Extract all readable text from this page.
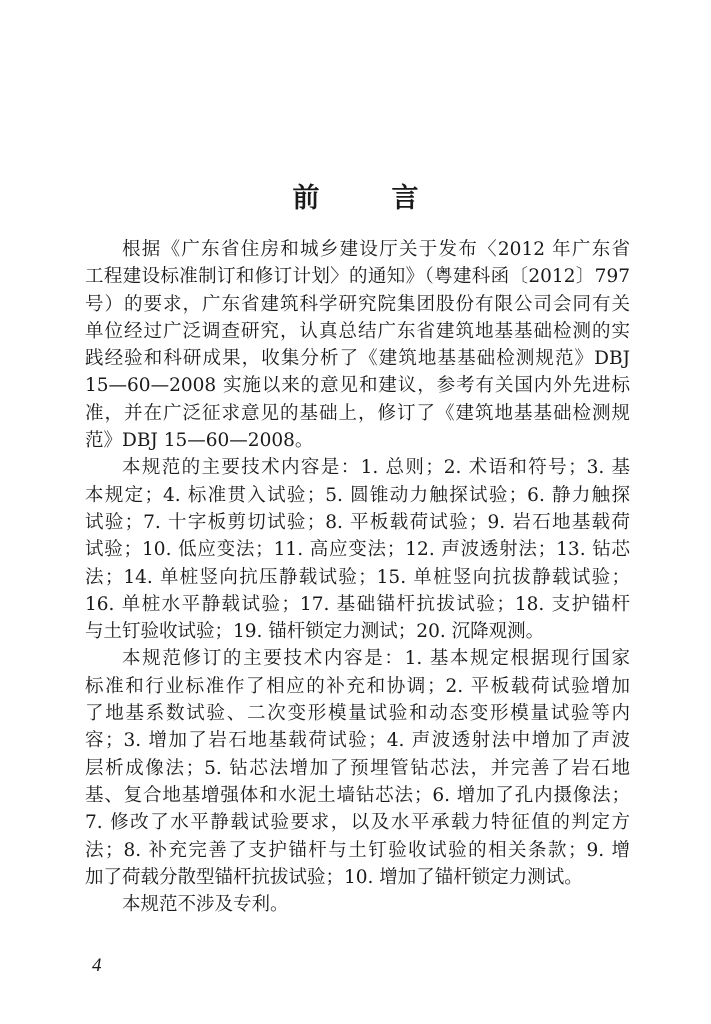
前	言
根据《广东省住房和城乡建设厅关于发布〈2012 年广东省
工程建设标准制订和修订计划〉的通知》（粤建科函〔2012〕797
号）的要求，广东省建筑科学研究院集团股份有限公司会同有关
单位经过广泛调查研究，认真总结广东省建筑地基基础检测的实
践经验和科研成果，收集分析了《建筑地基基础检测规范》DBJ
15—60—2008 实施以来的意见和建议，参考有关国内外先进标
准，并在广泛征求意见的基础上，修订了《建筑地基基础检测规
范》DBJ 15—60—2008。
本规范的主要技术内容是：1. 总则；2. 术语和符号；3. 基
本规定；4. 标准贯入试验；5. 圆锥动力触探试验；6. 静力触探
试验；7. 十字板剪切试验；8. 平板载荷试验；9. 岩石地基载荷
试验；10. 低应变法；11. 高应变法；12. 声波透射法；13. 钻芯
法；14. 单桩竖向抗压静载试验；15. 单桩竖向抗拔静载试验；
16. 单桩水平静载试验；17. 基础锚杆抗拔试验；18. 支护锚杆
与土钉验收试验；19. 锚杆锁定力测试；20. 沉降观测。
本规范修订的主要技术内容是：1. 基本规定根据现行国家
标准和行业标准作了相应的补充和协调；2. 平板载荷试验增加
了地基系数试验、二次变形模量试验和动态变形模量试验等内
容；3. 增加了岩石地基载荷试验；4. 声波透射法中增加了声波
层析成像法；5. 钻芯法增加了预埋管钻芯法，并完善了岩石地
基、复合地基增强体和水泥土墙钻芯法；6. 增加了孔内摄像法；
7. 修改了水平静载试验要求，以及水平承载力特征值的判定方
法；8. 补充完善了支护锚杆与土钉验收试验的相关条款；9. 增
加了荷载分散型锚杆抗拔试验；10. 增加了锚杆锁定力测试。
本规范不涉及专利。
4
